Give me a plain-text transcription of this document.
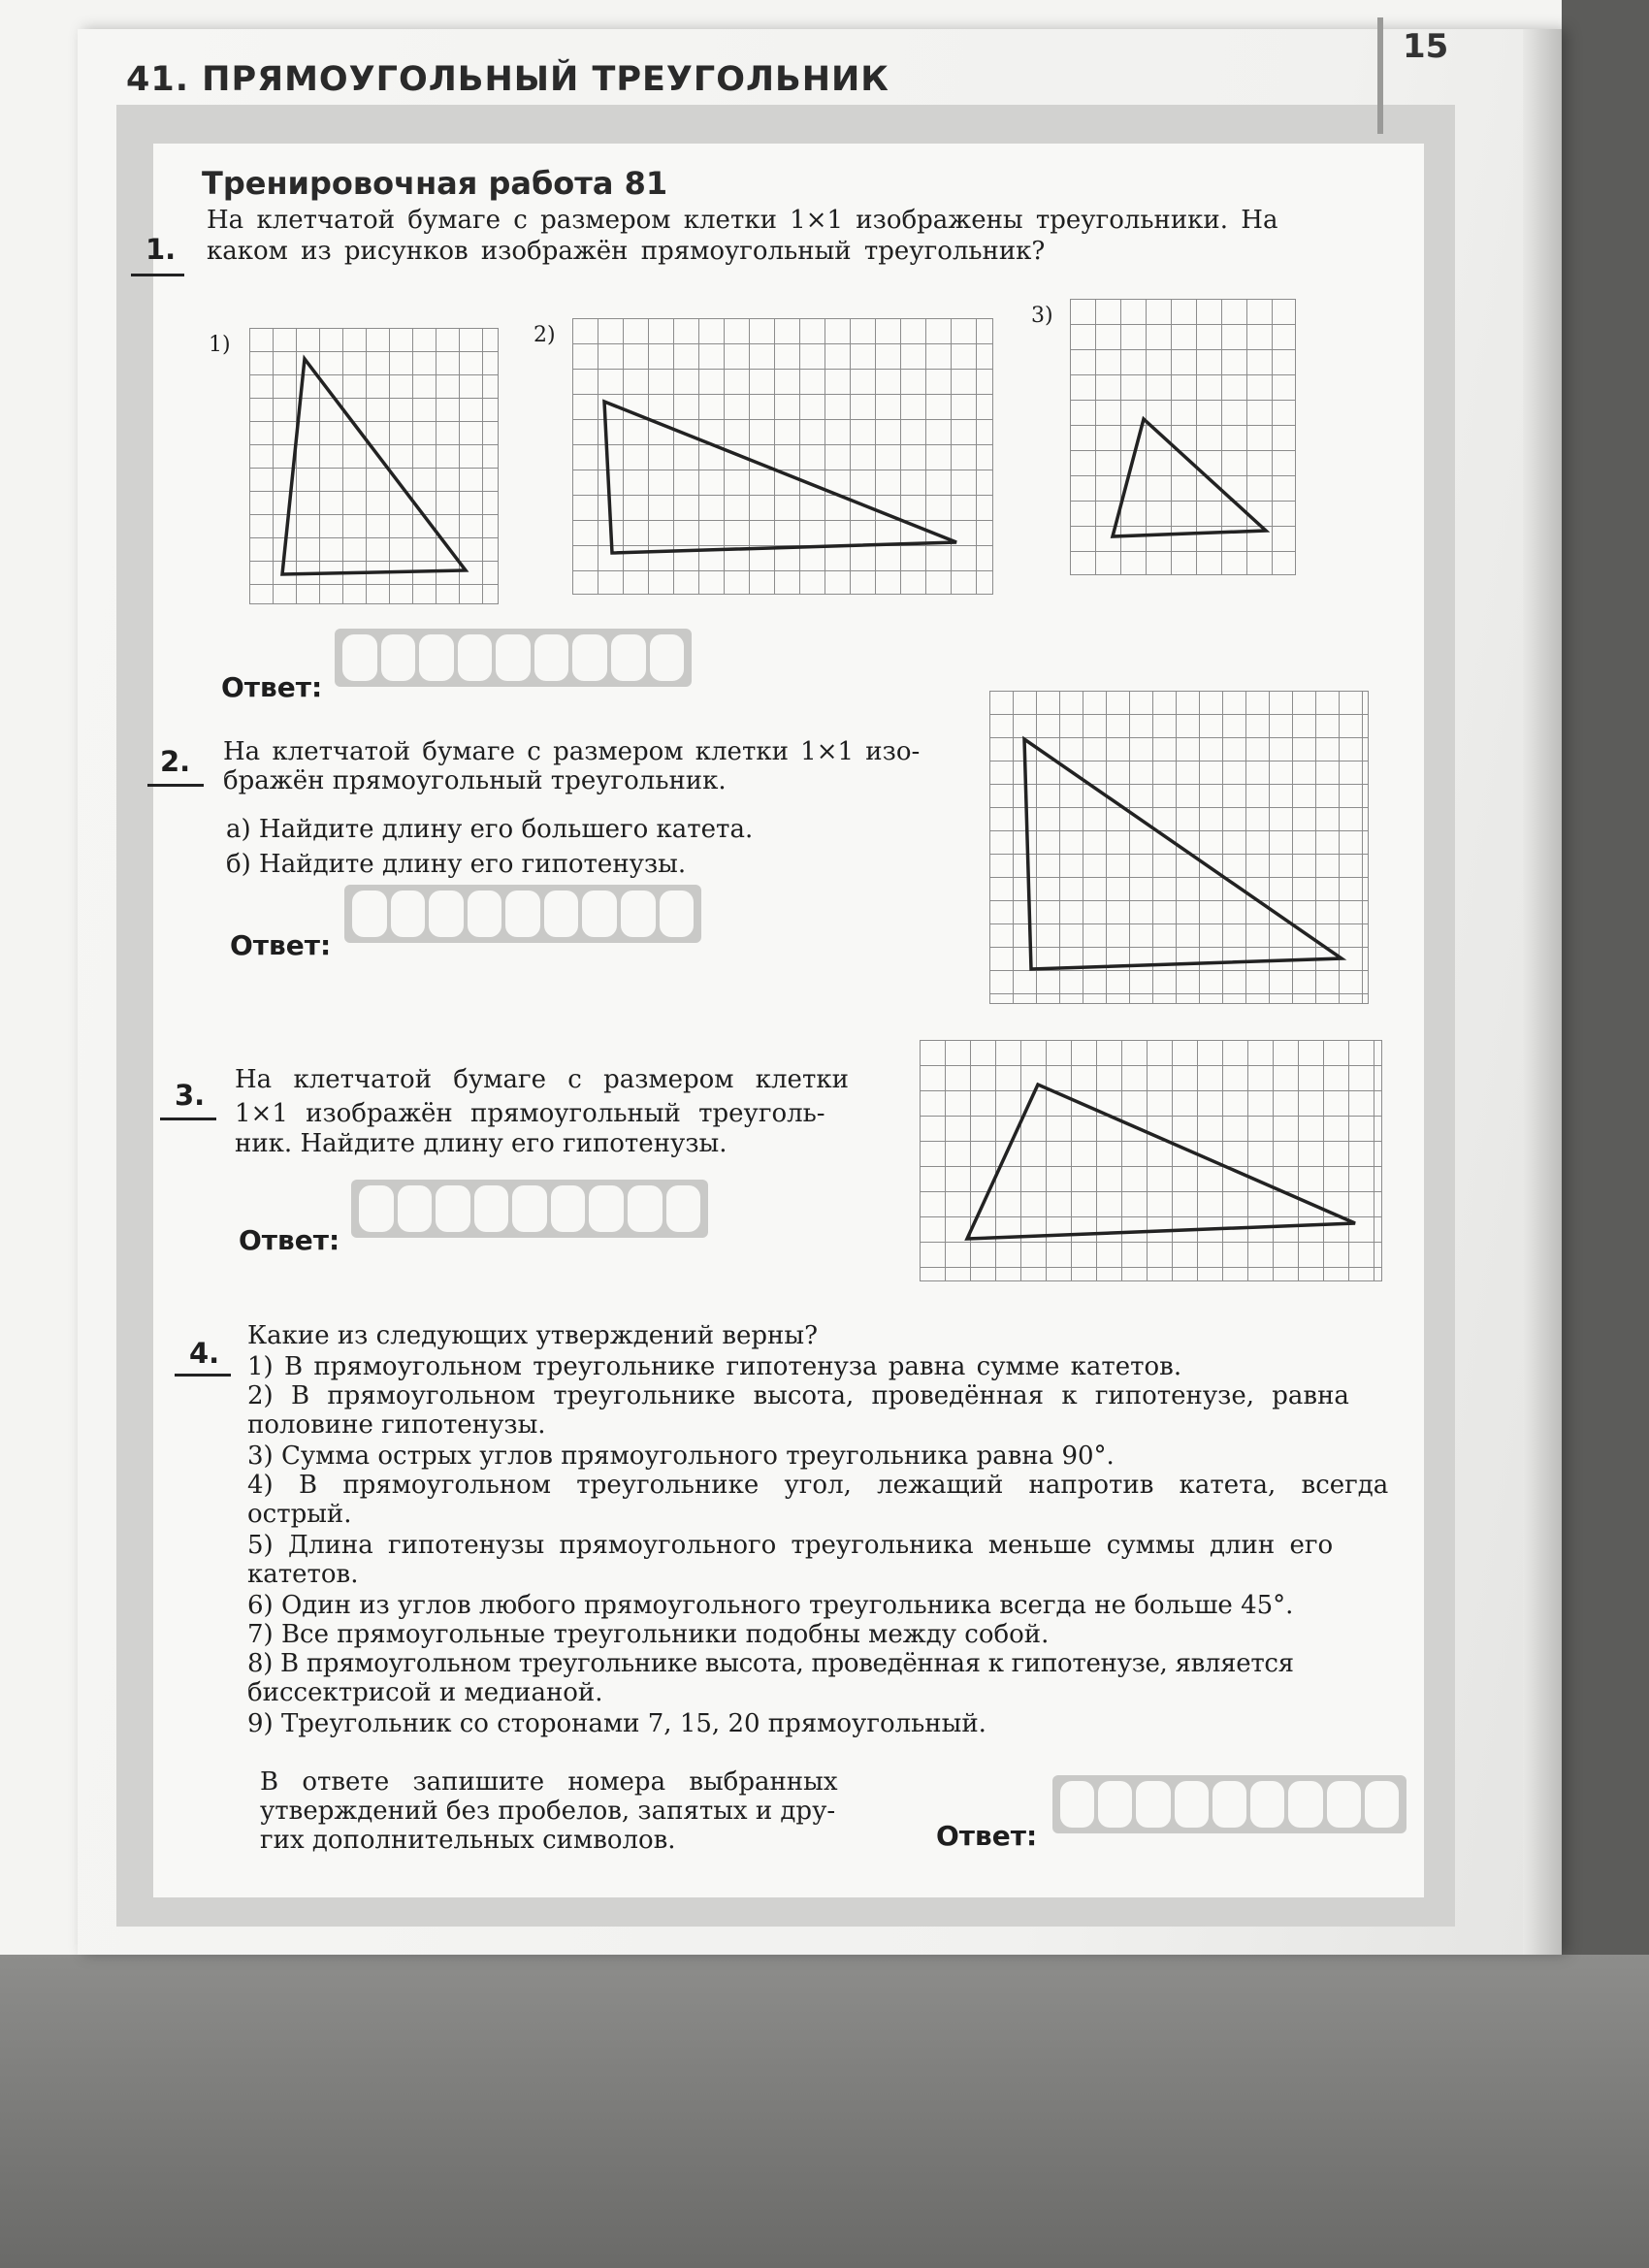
15
41. ПРЯМОУГОЛЬНЫЙ ТРЕУГОЛЬНИК
Тренировочная работа 81
1.
На клетчатой бумаге с размером клетки 1×1 изображены треугольники. На
каком из рисунков изображён прямоугольный треугольник?
1)	2)
3)
Ответ:
2. На клетчатой бумаге с размером клетки 1×1 изо-
бражён прямоугольный треугольник.
а) Найдите длину его большего катета.
б) Найдите длину его гипотенузы.
Ответ:
3. На клетчатой бумаге с размером клетки
1×1 изображён прямоугольный треуголь-
ник. Найдите длину его гипотенузы.
Ответ:
4.
Какие из следующих утверждений верны?
1) В прямоугольном треугольнике гипотенуза равна сумме катетов.
2) В прямоугольном треугольнике высота, проведённая к гипотенузе, равна
половине гипотенузы.
3) Сумма острых углов прямоугольного треугольника равна 90°.
4) В прямоугольном треугольнике угол, лежащий напротив катета, всегда
острый.
5) Длина гипотенузы прямоугольного треугольника меньше суммы длин его
катетов.
6) Один из углов любого прямоугольного треугольника всегда не больше 45°.
7) Все прямоугольные треугольники подобны между собой.
8) В прямоугольном треугольнике высота, проведённая к гипотенузе, является
биссектрисой и медианой.
9) Треугольник со сторонами 7, 15, 20 прямоугольный.
В ответе запишите номера выбранных
утверждений без пробелов, запятых и дру-
гих дополнительных символов.	Ответ:
